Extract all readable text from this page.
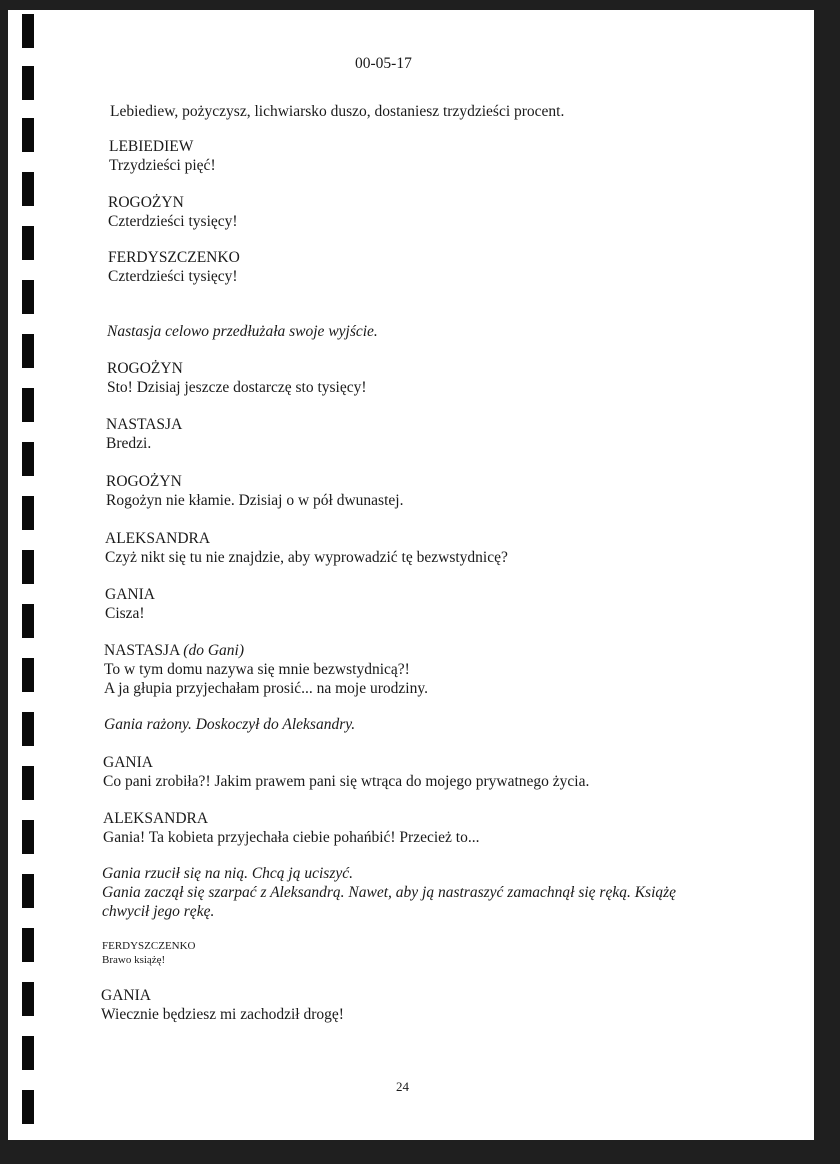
00-05-17
Lebiediew, pożyczysz, lichwiarsko duszo, dostaniesz trzydzieści procent.
LEBIEDIEW
Trzydzieści pięć!
ROGOŻYN
Czterdzieści tysięcy!
FERDYSZCZENKO
Czterdzieści tysięcy!
Nastasja celowo przedłużała swoje wyjście.
ROGOŻYN
Sto! Dzisiaj jeszcze dostarczę sto tysięcy!
NASTASJA
Bredzi.
ROGOŻYN
Rogożyn nie kłamie. Dzisiaj o w pół dwunastej.
ALEKSANDRA
Czyż nikt się tu nie znajdzie, aby wyprowadzić tę bezwstydnicę?
GANIA
Cisza!
NASTASJA (do Gani)
To w tym domu nazywa się mnie bezwstydnicą?!
A ja głupia przyjechałam prosić... na moje urodziny.
Gania rażony. Doskoczył do Aleksandry.
GANIA
Co pani zrobiła?! Jakim prawem pani się wtrąca do mojego prywatnego życia.
ALEKSANDRA
Gania! Ta kobieta przyjechała ciebie pohańbić! Przecież to...
Gania rzucił się na nią. Chcą ją uciszyć.
Gania zaczął się szarpać z Aleksandrą. Nawet, aby ją nastraszyć zamachnął się ręką. Książę
chwycił jego rękę.
FERDYSZCZENKO
Brawo książę!
GANIA
Wiecznie będziesz mi zachodził drogę!
24
